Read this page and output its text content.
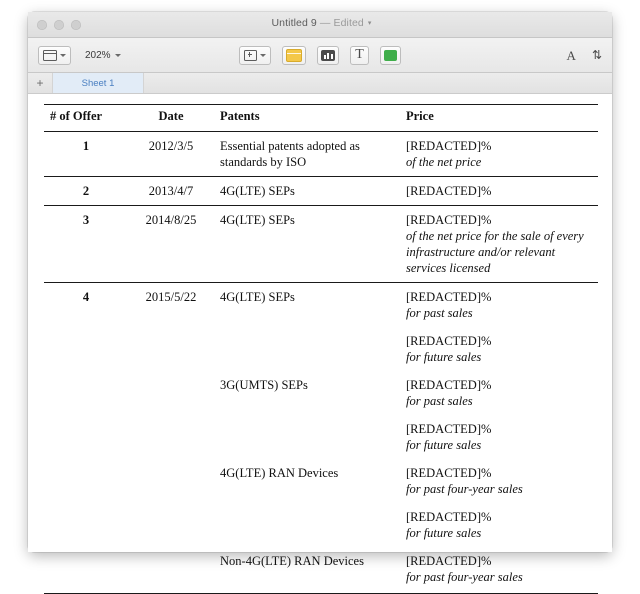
Untitled 9 — Edited ▾
202%	T	A ⇅
+	Sheet 1
# of Offer	Date	Patents	Price
1	2012/3/5	Essential patents adopted as standards by ISO	[REDACTED]%
of the net price

2	2013/4/7	4G(LTE) SEPs	[REDACTED]%

3	2014/8/25	4G(LTE) SEPs	[REDACTED]%
of the net price for the sale of every infrastructure and/or relevant services licensed

4	2015/5/22	4G(LTE) SEPs	[REDACTED]%
for past sales

			[REDACTED]%
for future sales

		3G(UMTS) SEPs	[REDACTED]%
for past sales

			[REDACTED]%
for future sales

		4G(LTE) RAN Devices	[REDACTED]%
for past four-year sales

			[REDACTED]%
for future sales

		Non-4G(LTE) RAN Devices	[REDACTED]%
for past four-year sales
